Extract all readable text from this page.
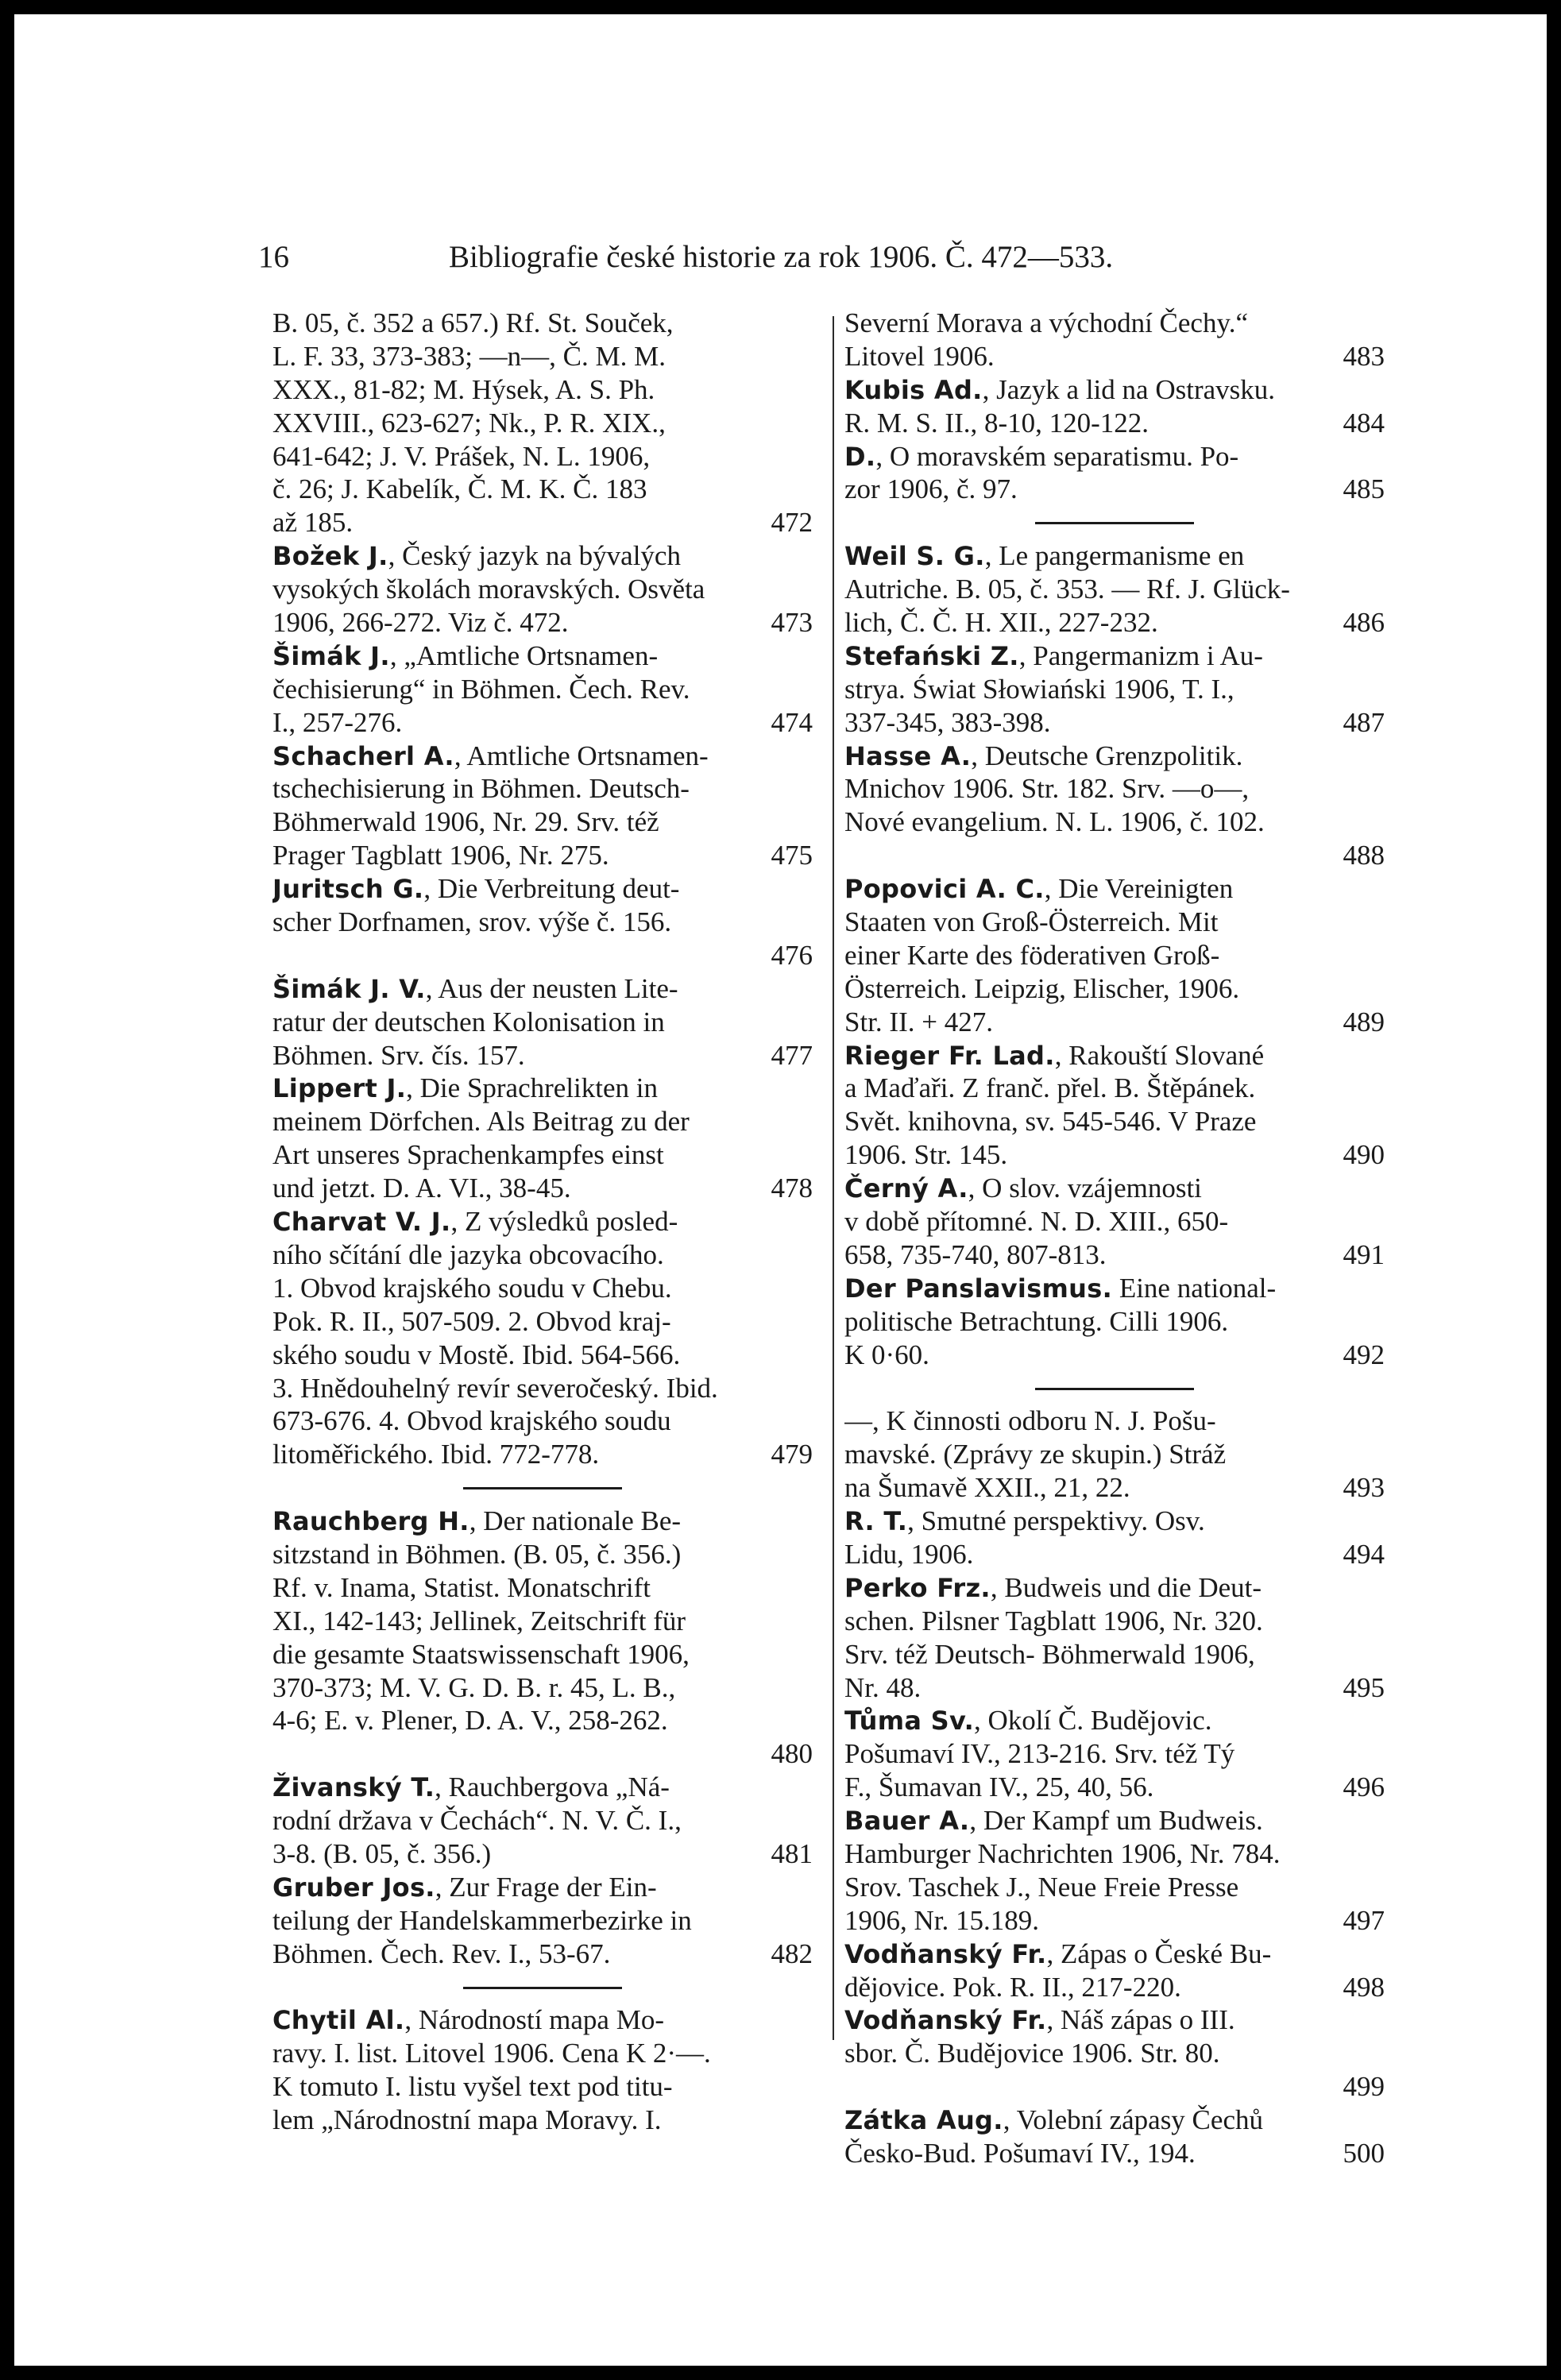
16	Bibliografie české historie za rok 1906. Č. 472—533.
B. 05, č. 352 a 657.) Rf. St. Souček,
L. F. 33, 373-383; —n—, Č. M. M.
XXX., 81-82; M. Hýsek, A. S. Ph.
XXVIII., 623-627; Nk., P. R. XIX.,
641-642; J. V. Prášek, N. L. 1906,
č. 26; J. Kabelík, Č. M. K. Č. 183
až 185.	472
Božek J., Český jazyk na bývalých
vysokých školách moravských. Osvěta
1906, 266-272. Viz č. 472.	473
Šimák J., „Amtliche Ortsnamen-
čechisierung“ in Böhmen. Čech. Rev.
I., 257-276.	474
Schacherl A., Amtliche Ortsnamen-
tschechisierung in Böhmen. Deutsch-
Böhmerwald 1906, Nr. 29. Srv. též
Prager Tagblatt 1906, Nr. 275.	475
Juritsch G., Die Verbreitung deut-
scher Dorfnamen, srov. výše č. 156.
476
Šimák J. V., Aus der neusten Lite-
ratur der deutschen Kolonisation in
Böhmen. Srv. čís. 157.	477
Lippert J., Die Sprachrelikten in
meinem Dörfchen. Als Beitrag zu der
Art unseres Sprachenkampfes einst
und jetzt. D. A. VI., 38-45.	478
Charvat V. J., Z výsledků posled-
ního sčítání dle jazyka obcovacího.
1. Obvod krajského soudu v Chebu.
Pok. R. II., 507-509. 2. Obvod kraj-
ského soudu v Mostě. Ibid. 564-566.
3. Hnědouhelný revír severočeský. Ibid.
673-676. 4. Obvod krajského soudu
litoměřického. Ibid. 772-778.	479
Rauchberg H., Der nationale Be-
sitzstand in Böhmen. (B. 05, č. 356.)
Rf. v. Inama, Statist. Monatschrift
XI., 142-143; Jellinek, Zeitschrift für
die gesamte Staatswissenschaft 1906,
370-373; M. V. G. D. B. r. 45, L. B.,
4-6; E. v. Plener, D. A. V., 258-262.
480
Živanský T., Rauchbergova „Ná-
rodní država v Čechách“. N. V. Č. I.,
3-8. (B. 05, č. 356.)	481
Gruber Jos., Zur Frage der Ein-
teilung der Handelskammerbezirke in
Böhmen. Čech. Rev. I., 53-67.	482
Chytil Al., Národností mapa Mo-
ravy. I. list. Litovel 1906. Cena K 2·—.
K tomuto I. listu vyšel text pod titu-
lem „Národnostní mapa Moravy. I.
Severní Morava a východní Čechy.“
Litovel 1906.	483
Kubis Ad., Jazyk a lid na Ostravsku.
R. M. S. II., 8-10, 120-122.	484
D., O moravském separatismu. Po-
zor 1906, č. 97.	485
Weil S. G., Le pangermanisme en
Autriche. B. 05, č. 353. — Rf. J. Glück-
lich, Č. Č. H. XII., 227-232.	486
Stefański Z., Pangermanizm i Au-
strya. Świat Słowiański 1906, T. I.,
337-345, 383-398.	487
Hasse A., Deutsche Grenzpolitik.
Mnichov 1906. Str. 182. Srv. —o—,
Nové evangelium. N. L. 1906, č. 102.
488
Popovici A. C., Die Vereinigten
Staaten von Groß-Österreich. Mit
einer Karte des föderativen Groß-
Österreich. Leipzig, Elischer, 1906.
Str. II. + 427.	489
Rieger Fr. Lad., Rakouští Slované
a Maďaři. Z franč. přel. B. Štěpánek.
Svět. knihovna, sv. 545-546. V Praze
1906. Str. 145.	490
Černý A., O slov. vzájemnosti
v době přítomné. N. D. XIII., 650-
658, 735-740, 807-813.	491
Der Panslavismus. Eine national-
politische Betrachtung. Cilli 1906.
K 0·60.	492
—, K činnosti odboru N. J. Pošu-
mavské. (Zprávy ze skupin.) Stráž
na Šumavě XXII., 21, 22.	493
R. T., Smutné perspektivy. Osv.
Lidu, 1906.	494
Perko Frz., Budweis und die Deut-
schen. Pilsner Tagblatt 1906, Nr. 320.
Srv. též Deutsch- Böhmerwald 1906,
Nr. 48.	495
Tůma Sv., Okolí Č. Budějovic.
Pošumaví IV., 213-216. Srv. též Tý
F., Šumavan IV., 25, 40, 56.	496
Bauer A., Der Kampf um Budweis.
Hamburger Nachrichten 1906, Nr. 784.
Srov. Taschek J., Neue Freie Presse
1906, Nr. 15.189.	497
Vodňanský Fr., Zápas o České Bu-
dějovice. Pok. R. II., 217-220.	498
Vodňanský Fr., Náš zápas o III.
sbor. Č. Budějovice 1906. Str. 80.
499
Zátka Aug., Volební zápasy Čechů
Česko-Bud. Pošumaví IV., 194.	500
